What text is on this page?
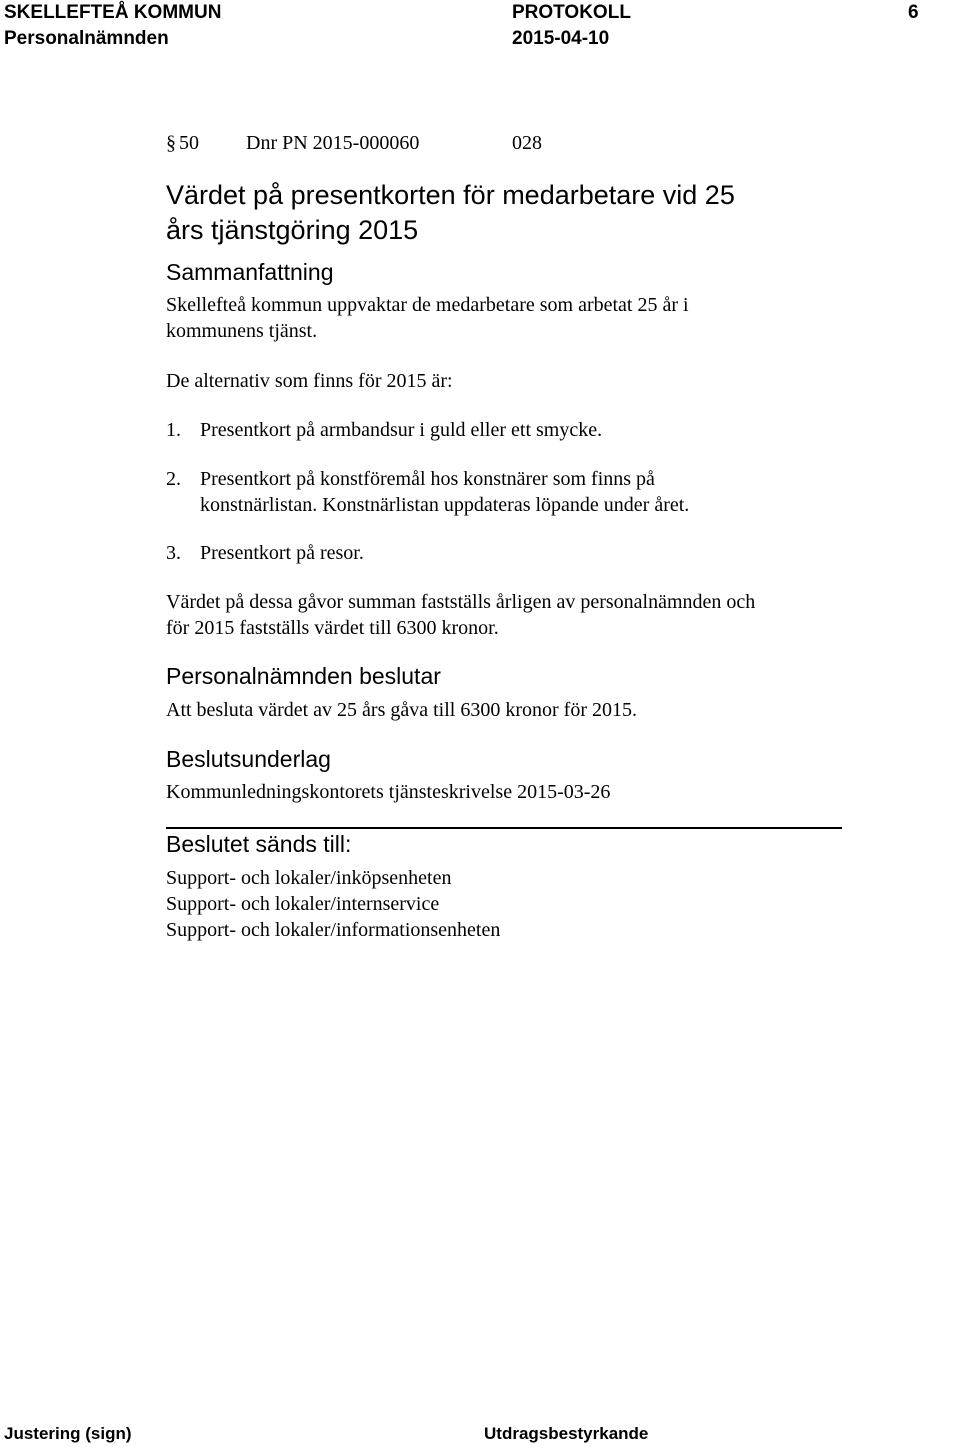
SKELLEFTEÅ KOMMUN	PROTOKOLL	6
Personalnämnden	2015-04-10
§ 50 Dnr PN 2015-000060	028
Värdet på presentkorten för medarbetare vid 25
års tjänstgöring 2015
Sammanfattning
Skellefteå kommun uppvaktar de medarbetare som arbetat 25 år i
kommunens tjänst.
De alternativ som finns för 2015 är:
1. Presentkort på armbandsur i guld eller ett smycke.
2. Presentkort på konstföremål hos konstnärer som finns på
konstnärlistan. Konstnärlistan uppdateras löpande under året.
3. Presentkort på resor.
Värdet på dessa gåvor summan fastställs årligen av personalnämnden och
för 2015 fastställs värdet till 6300 kronor.
Personalnämnden beslutar
Att besluta värdet av 25 års gåva till 6300 kronor för 2015.
Beslutsunderlag
Kommunledningskontorets tjänsteskrivelse 2015-03-26
Beslutet sänds till:
Support- och lokaler/inköpsenheten
Support- och lokaler/internservice
Support- och lokaler/informationsenheten
Justering (sign)	Utdragsbestyrkande
